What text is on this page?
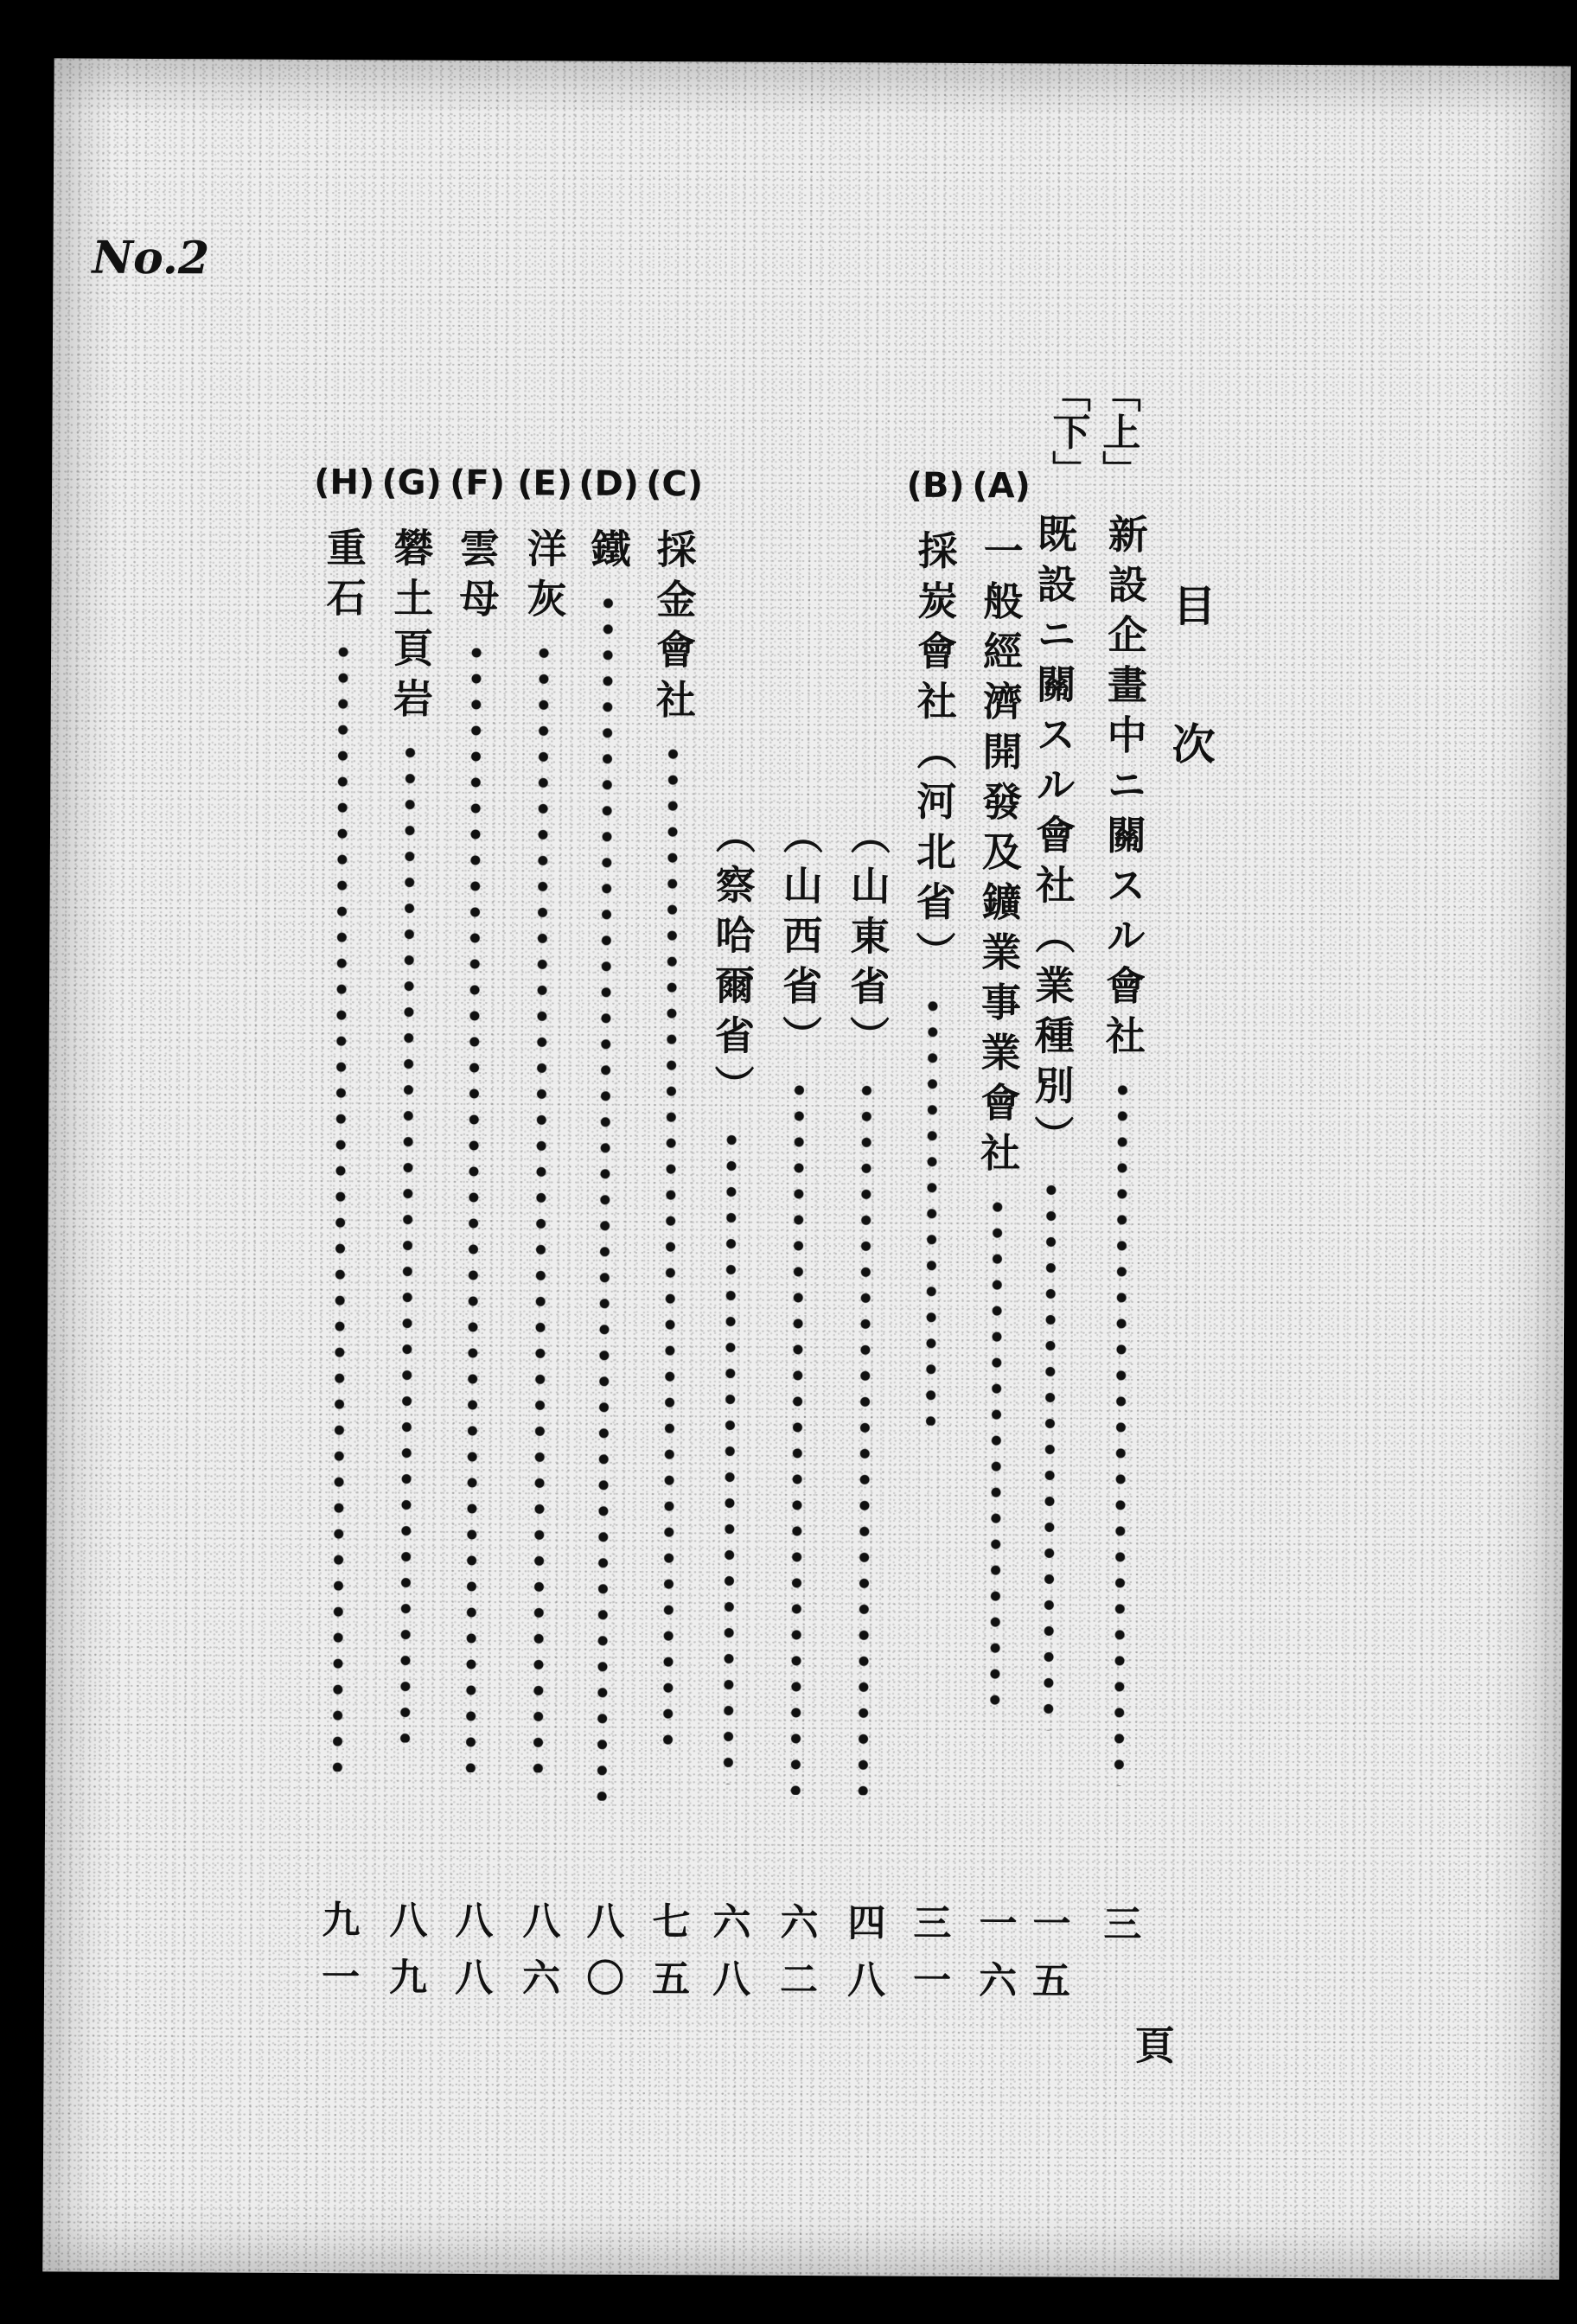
No.2
「上」
「下」
目次
新設企畫中ニ關スル會社
既設ニ關スル會社（業種別）
(A)
一般經濟開發及鑛業事業會社
(B)
採炭會社（河北省）
（山東省）
（山西省）
（察哈爾省）
(C)
採金會社
(D)
鐵
(E)
洋灰
(F)
雲母
(G)
礬土頁岩
(H)
重石
三
一五
一六
三一
四八
六二
六八
七五
八〇
八六
八八
八九
九一
頁
